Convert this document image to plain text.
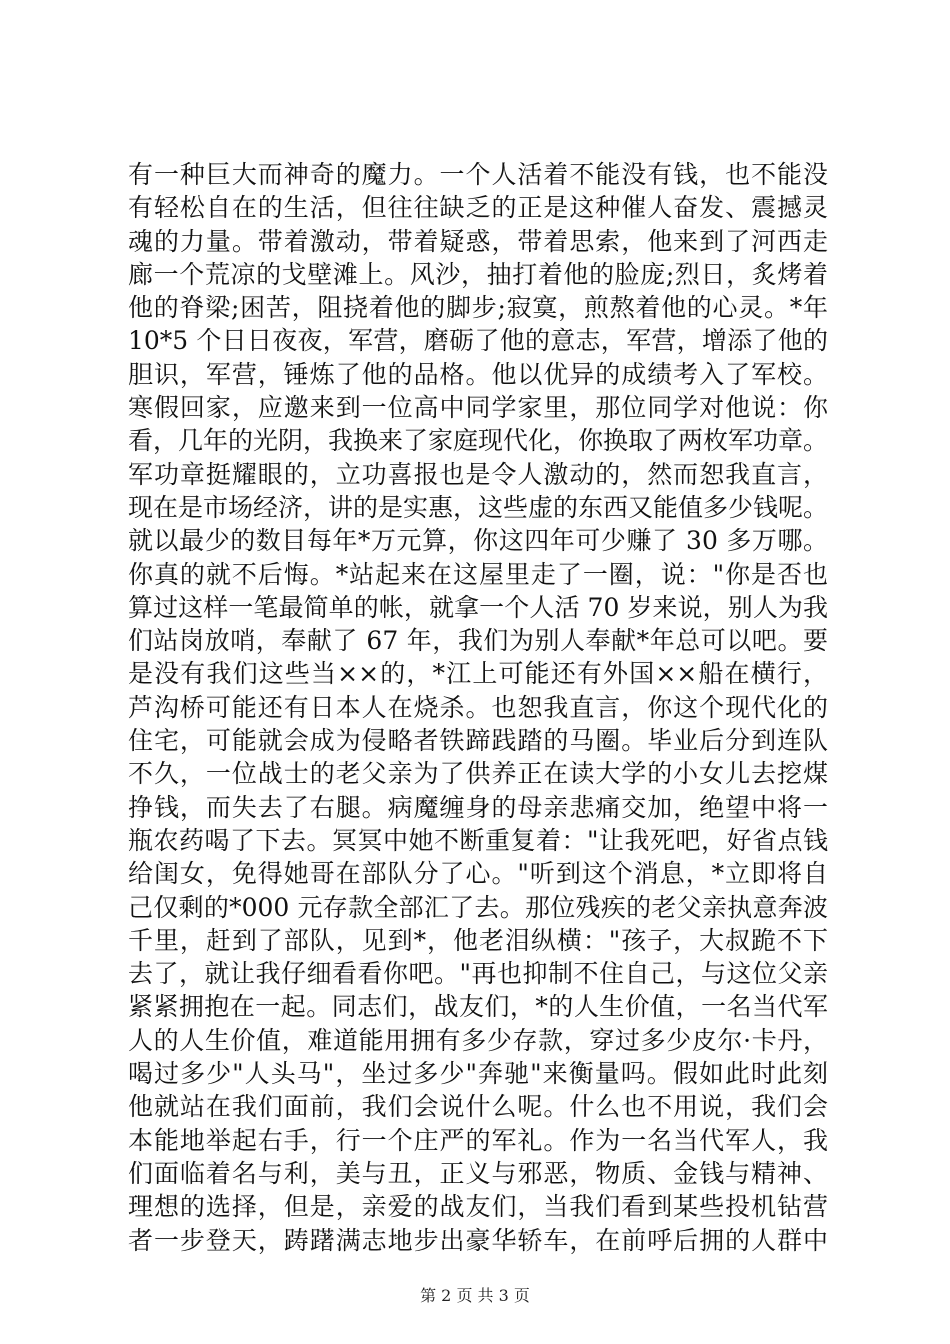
有一种巨大而神奇的魔力。一个人活着不能没有钱，也不能没
有轻松自在的生活，但往往缺乏的正是这种催人奋发、震撼灵
魂的力量。带着激动，带着疑惑，带着思索，他来到了河西走
廊一个荒凉的戈壁滩上。风沙，抽打着他的脸庞;烈日，炙烤着
他的脊梁;困苦，阻挠着他的脚步;寂寞，煎熬着他的心灵。*年
10*5 个日日夜夜，军营，磨砺了他的意志，军营，增添了他的
胆识，军营，锤炼了他的品格。他以优异的成绩考入了军校。
寒假回家，应邀来到一位高中同学家里，那位同学对他说：你
看，几年的光阴，我换来了家庭现代化，你换取了两枚军功章。
军功章挺耀眼的，立功喜报也是令人激动的，然而恕我直言，
现在是市场经济，讲的是实惠，这些虚的东西又能值多少钱呢。
就以最少的数目每年*万元算，你这四年可少赚了 30 多万哪。
你真的就不后悔。*站起来在这屋里走了一圈，说："你是否也
算过这样一笔最简单的帐，就拿一个人活 70 岁来说，别人为我
们站岗放哨，奉献了 67 年，我们为别人奉献*年总可以吧。要
是没有我们这些当××的，*江上可能还有外国××船在横行，
芦沟桥可能还有日本人在烧杀。也恕我直言，你这个现代化的
住宅，可能就会成为侵略者铁蹄践踏的马圈。毕业后分到连队
不久，一位战士的老父亲为了供养正在读大学的小女儿去挖煤
挣钱，而失去了右腿。病魔缠身的母亲悲痛交加，绝望中将一
瓶农药喝了下去。冥冥中她不断重复着："让我死吧，好省点钱
给闺女，免得她哥在部队分了心。"听到这个消息，*立即将自
己仅剩的*000 元存款全部汇了去。那位残疾的老父亲执意奔波
千里，赶到了部队，见到*，他老泪纵横："孩子，大叔跪不下
去了，就让我仔细看看你吧。"再也抑制不住自己，与这位父亲
紧紧拥抱在一起。同志们，战友们，*的人生价值，一名当代军
人的人生价值，难道能用拥有多少存款，穿过多少皮尔·卡丹，
喝过多少"人头马"，坐过多少"奔驰"来衡量吗。假如此时此刻
他就站在我们面前，我们会说什么呢。什么也不用说，我们会
本能地举起右手，行一个庄严的军礼。作为一名当代军人，我
们面临着名与利，美与丑，正义与邪恶，物质、金钱与精神、
理想的选择，但是，亲爱的战友们，当我们看到某些投机钻营
者一步登天，踌躇满志地步出豪华轿车，在前呼后拥的人群中
第 2 页 共 3 页
